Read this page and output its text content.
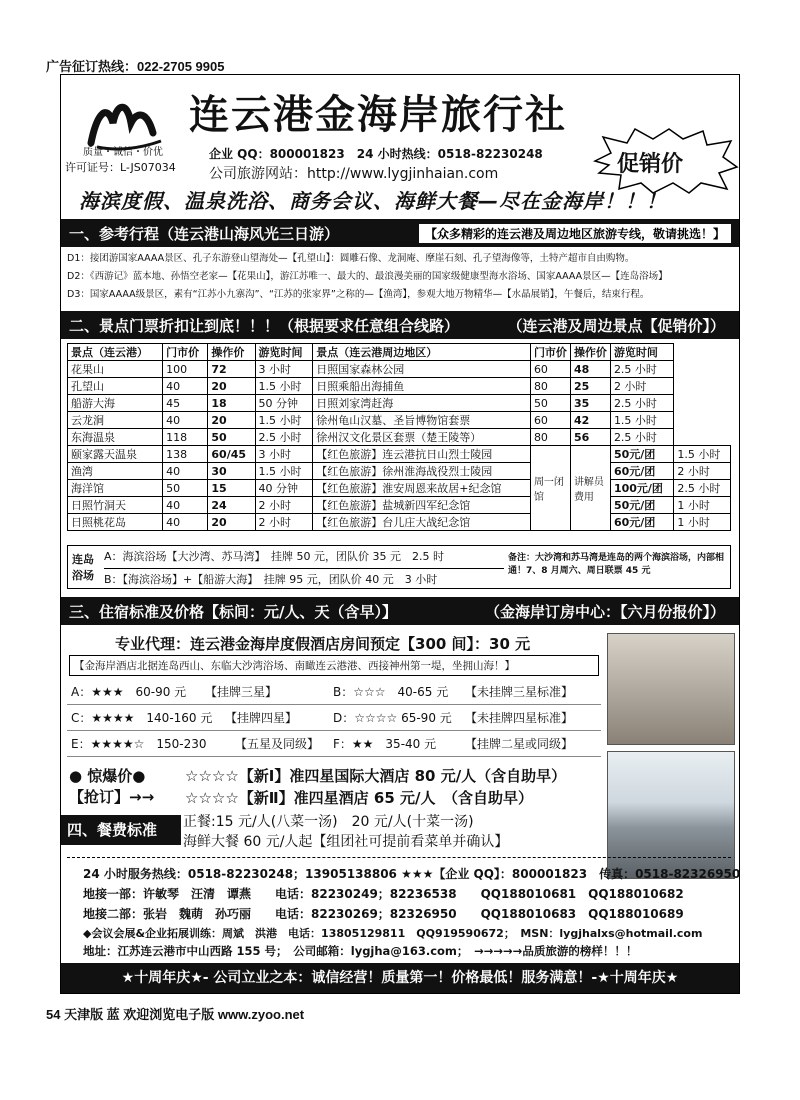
广告征订热线：022-2705 9905
质量・诚信・价优
许可证号：L-JS07034
连云港金海岸旅行社
企业 QQ：800001823　24 小时热线：0518-82230248
公司旅游网站：http://www.lygjinhaian.com	促销价
海滨度假、温泉洗浴、商务会议、海鲜大餐—尽在金海岸！！！
一、参考行程（连云港山海风光三日游）	【众多精彩的连云港及周边地区旅游专线，敬请挑选！】
D1：接团游国家AAAA景区、孔子东游登山望海处—【孔望山】：圆雕石像、龙洞庵、摩崖石刻、孔子望海像等，土特产超市自由购物。
D2：《西游记》蓝本地、孙悟空老家—【花果山】，游江苏唯一、最大的、最浪漫美丽的国家级健康型海水浴场、国家AAAA景区—【连岛浴场】
D3：国家AAAA级景区，素有“江苏小九寨沟”、“江苏的张家界”之称的—【渔湾】，参观大地万物精华—【水晶展销】，午餐后，结束行程。
二、景点门票折扣让到底！！！（根据要求任意组合线路）	（连云港及周边景点【促销价】）
景点（连云港）	门市价	操作价	游览时间	景点（连云港周边地区）	门市价	操作价	游览时间	
花果山	100	72	3 小时	日照国家森林公园	60	48	2.5 小时	
孔望山	40	20	1.5 小时	日照乘船出海捕鱼	80	25	2 小时	
船游大海	45	18	50 分钟	日照刘家湾赶海	50	35	2.5 小时	
云龙涧	40	20	1.5 小时	徐州龟山汉墓、圣旨博物馆套票	60	42	1.5 小时	
东海温泉	118	50	2.5 小时	徐州汉文化景区套票（楚王陵等）	80	56	2.5 小时	
颐家露天温泉	138	60/45	3 小时	【红色旅游】连云港抗日山烈士陵园	周一闭馆	讲解员费用	50元/团	1.5 小时
渔湾	40	30	1.5 小时	【红色旅游】徐州淮海战役烈士陵园			60元/团	2 小时
海洋馆	50	15	40 分钟	【红色旅游】淮安周恩来故居+纪念馆			100元/团	2.5 小时
日照竹洞天	40	24	2 小时	【红色旅游】盐城新四军纪念馆			50元/团	1 小时
日照桃花岛	40	20	2 小时	【红色旅游】台儿庄大战纪念馆			60元/团	1 小时
连岛浴场
A：海滨浴场【大沙湾、苏马湾】　挂牌 50 元，团队价 35 元　2.5 时
B：【海滨浴场】+【船游大海】　挂牌 95 元，团队价 40 元　3 小时
备注：大沙湾和苏马湾是连岛的两个海滨浴场，内部相通！7、8 月周六、周日联票 45 元
三、住宿标准及价格【标间：元/人、天（含早）】	（金海岸订房中心：【六月份报价】）
专业代理：连云港金海岸度假酒店房间预定【300 间】：30 元
【金海岸酒店北据连岛西山、东临大沙湾浴场、南瞰连云港港、西接神州第一堤，坐拥山海！】
A：★★★　60-90 元 【挂牌三星】	B：☆☆☆　40-65 元 【未挂牌三星标准】
C：★★★★　140-160 元 【挂牌四星】	D：☆☆☆☆ 65-90 元 【未挂牌四星标准】
E：★★★★☆　150-230 【五星及同级】 F：★★　35-40 元 【挂牌二星或同级】
● 惊爆价●
【抢订】→→
☆☆☆☆【新Ⅰ】准四星国际大酒店 80 元/人（含自助早）
☆☆☆☆【新Ⅱ】准四星酒店 65 元/人　（含自助早）
四、餐费标准	正餐:15 元/人(八菜一汤)　20 元/人(十菜一汤)
海鲜大餐 60 元/人起【组团社可提前看菜单并确认】
24 小时服务热线：0518-82230248；13905138806 ★★★【企业 QQ】：800001823　传真：0518-82326950
地接一部：许敏琴　汪清　谭燕　　电话：82230249；82236538　　QQ188010681　QQ188010682
地接二部：张岩　魏萌　孙巧丽　　电话：82230269；82326950　　QQ188010683　QQ188010689
◆会议会展&企业拓展训练：周斌　洪港　电话：13805129811　QQ919590672；　MSN：lygjhalxs@hotmail.com
地址：江苏连云港市中山西路 155 号；　公司邮箱：lygjha@163.com；　→→→→→品质旅游的榜样！！！
★十周年庆★- 公司立业之本：诚信经营！质量第一！价格最低！服务满意！-★十周年庆★
54 天津版 蓝 欢迎浏览电子版 www.zyoo.net
